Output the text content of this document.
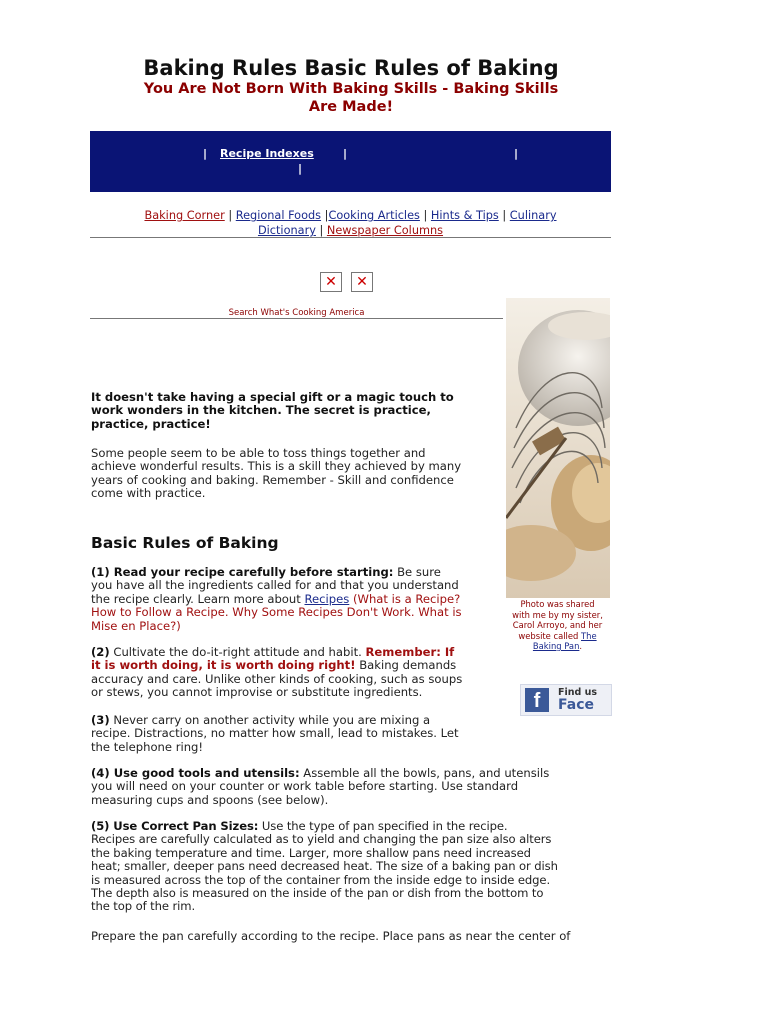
Baking Rules Basic Rules of Baking
You Are Not Born With Baking Skills - Baking Skills
Are Made!
| Recipe Indexes	|	|
|
Baking Corner | Regional Foods |Cooking Articles | Hints & Tips | Culinary
Dictionary | Newspaper Columns
✕	✕
Search What's Cooking America
Photo was shared
with me by my sister,
Carol Arroyo, and her
website called The
Baking Pan.
f	Find us
Face
It doesn't take having a special gift or a magic touch to
work wonders in the kitchen. The secret is practice,
practice, practice!
Some people seem to be able to toss things together and
achieve wonderful results. This is a skill they achieved by many
years of cooking and baking. Remember - Skill and confidence
come with practice.
Basic Rules of Baking
(1) Read your recipe carefully before starting: Be sure
you have all the ingredients called for and that you understand
the recipe clearly. Learn more about Recipes (What is a Recipe?
How to Follow a Recipe. Why Some Recipes Don't Work. What is
Mise en Place?)
(2) Cultivate the do-it-right attitude and habit. Remember: If
it is worth doing, it is worth doing right! Baking demands
accuracy and care. Unlike other kinds of cooking, such as soups
or stews, you cannot improvise or substitute ingredients.
(3) Never carry on another activity while you are mixing a
recipe. Distractions, no matter how small, lead to mistakes. Let
the telephone ring!
(4) Use good tools and utensils: Assemble all the bowls, pans, and utensils
you will need on your counter or work table before starting. Use standard
measuring cups and spoons (see below).
(5) Use Correct Pan Sizes: Use the type of pan specified in the recipe.
Recipes are carefully calculated as to yield and changing the pan size also alters
the baking temperature and time. Larger, more shallow pans need increased
heat; smaller, deeper pans need decreased heat. The size of a baking pan or dish
is measured across the top of the container from the inside edge to inside edge.
The depth also is measured on the inside of the pan or dish from the bottom to
the top of the rim.
Prepare the pan carefully according to the recipe. Place pans as near the center of
